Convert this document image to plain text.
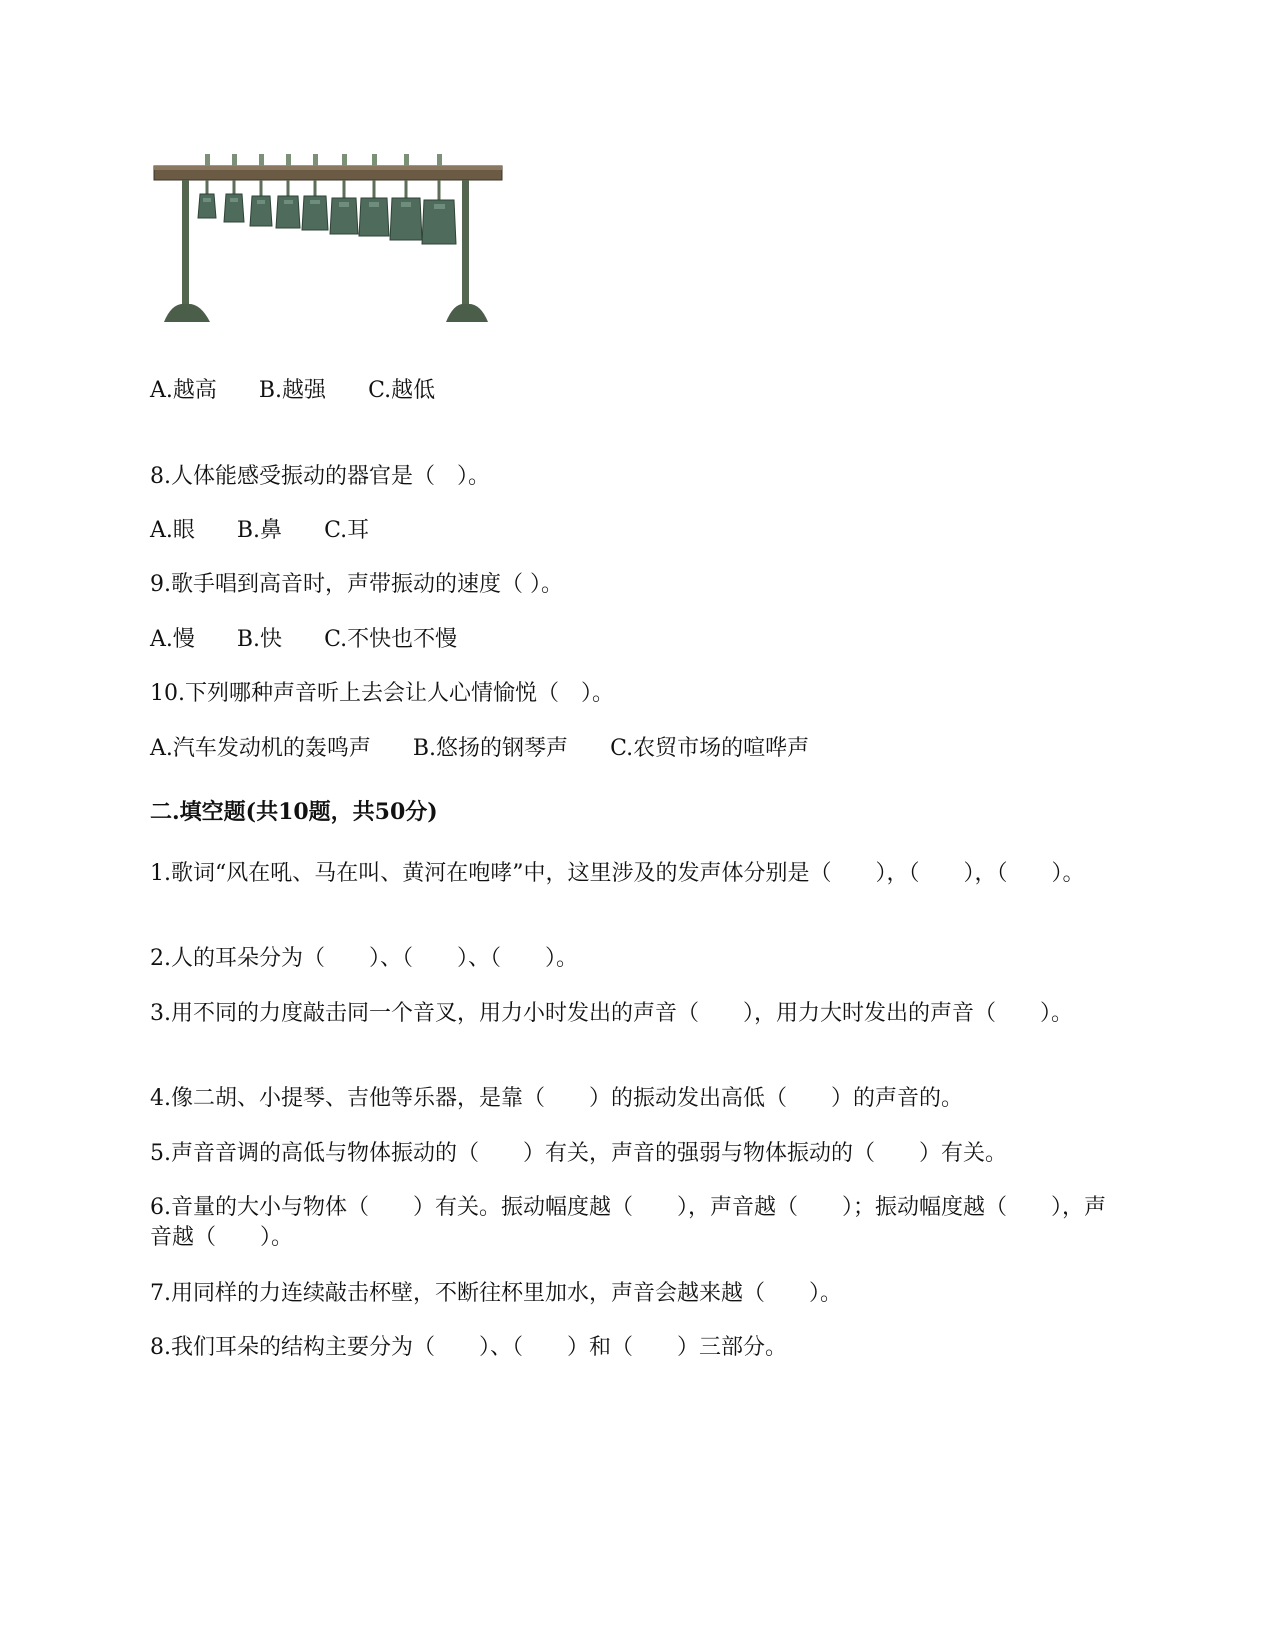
A.越高 B.越强 C.越低
8.人体能感受振动的器官是（　）。
A.眼 B.鼻 C.耳
9.歌手唱到高音时，声带振动的速度（ ）。
A.慢 B.快 C.不快也不慢
10.下列哪种声音听上去会让人心情愉悦（　）。
A.汽车发动机的轰鸣声 B.悠扬的钢琴声 C.农贸市场的喧哗声
二.填空题(共10题，共50分)
1.歌词“风在吼、马在叫、黄河在咆哮”中，这里涉及的发声体分别是（　　），（　　），（　　）。
2.人的耳朵分为（　　）、（　　）、（　　）。
3.用不同的力度敲击同一个音叉，用力小时发出的声音（　　），用力大时发出的声音（　　）。
4.像二胡、小提琴、吉他等乐器，是靠（　　）的振动发出高低（　　）的声音的。
5.声音音调的高低与物体振动的（　　）有关，声音的强弱与物体振动的（　　）有关。
6.音量的大小与物体（　　）有关。振动幅度越（　　），声音越（　　）；振动幅度越（　　），声音越（　　）。
7.用同样的力连续敲击杯壁，不断往杯里加水，声音会越来越（　　）。
8.我们耳朵的结构主要分为（　　）、（　　）和（　　）三部分。
